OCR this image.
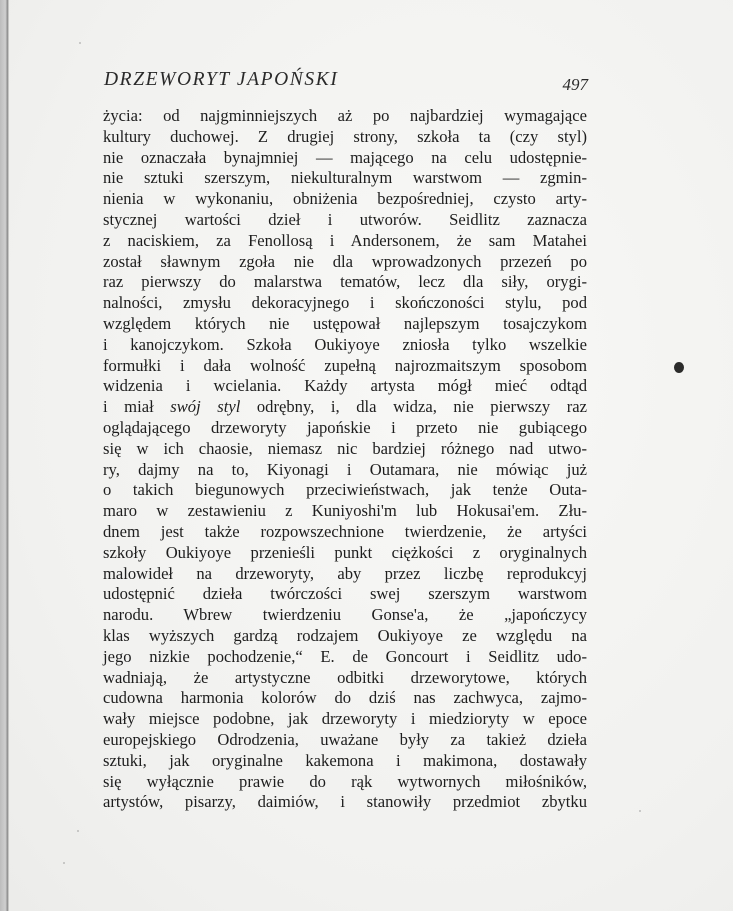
DRZEWORYT JAPOŃSKI	497
życia: od najgminniejszych aż po najbardziej wymagające
kultury duchowej. Z drugiej strony, szkoła ta (czy styl)
nie oznaczała bynajmniej — mającego na celu udostępnie-
nie sztuki szerszym, niekulturalnym warstwom — zgmin-
nienia w wykonaniu, obniżenia bezpośredniej, czysto arty-
stycznej wartości dzieł i utworów. Seidlitz zaznacza
z naciskiem, za Fenollosą i Andersonem, że sam Matahei
został sławnym zgoła nie dla wprowadzonych przezeń po
raz pierwszy do malarstwa tematów, lecz dla siły, orygi-
nalności, zmysłu dekoracyjnego i skończoności stylu, pod
względem których nie ustępował najlepszym tosajczykom
i kanojczykom. Szkoła Oukiyoye zniosła tylko wszelkie
formułki i dała wolność zupełną najrozmaitszym sposobom
widzenia i wcielania. Każdy artysta mógł mieć odtąd
i miał swój styl odrębny, i, dla widza, nie pierwszy raz
oglądającego drzeworyty japońskie i przeto nie gubiącego
się w ich chaosie, niemasz nic bardziej różnego nad utwo-
ry, dajmy na to, Kiyonagi i Outamara, nie mówiąc już
o takich biegunowych przeciwieństwach, jak tenże Outa-
maro w zestawieniu z Kuniyoshi'm lub Hokusai'em. Złu-
dnem jest także rozpowszechnione twierdzenie, że artyści
szkoły Oukiyoye przenieśli punkt ciężkości z oryginalnych
malowideł na drzeworyty, aby przez liczbę reprodukcyj
udostępnić dzieła twórczości swej szerszym warstwom
narodu. Wbrew twierdzeniu Gonse'a, że „japończycy
klas wyższych gardzą rodzajem Oukiyoye ze względu na
jego nizkie pochodzenie,“ E. de Goncourt i Seidlitz udo-
wadniają, że artystyczne odbitki drzeworytowe, których
cudowna harmonia kolorów do dziś nas zachwyca, zajmo-
wały miejsce podobne, jak drzeworyty i miedzioryty w epoce
europejskiego Odrodzenia, uważane były za takież dzieła
sztuki, jak oryginalne kakemona i makimona, dostawały
się wyłącznie prawie do rąk wytwornych miłośników,
artystów, pisarzy, daimiów, i stanowiły przedmiot zbytku
